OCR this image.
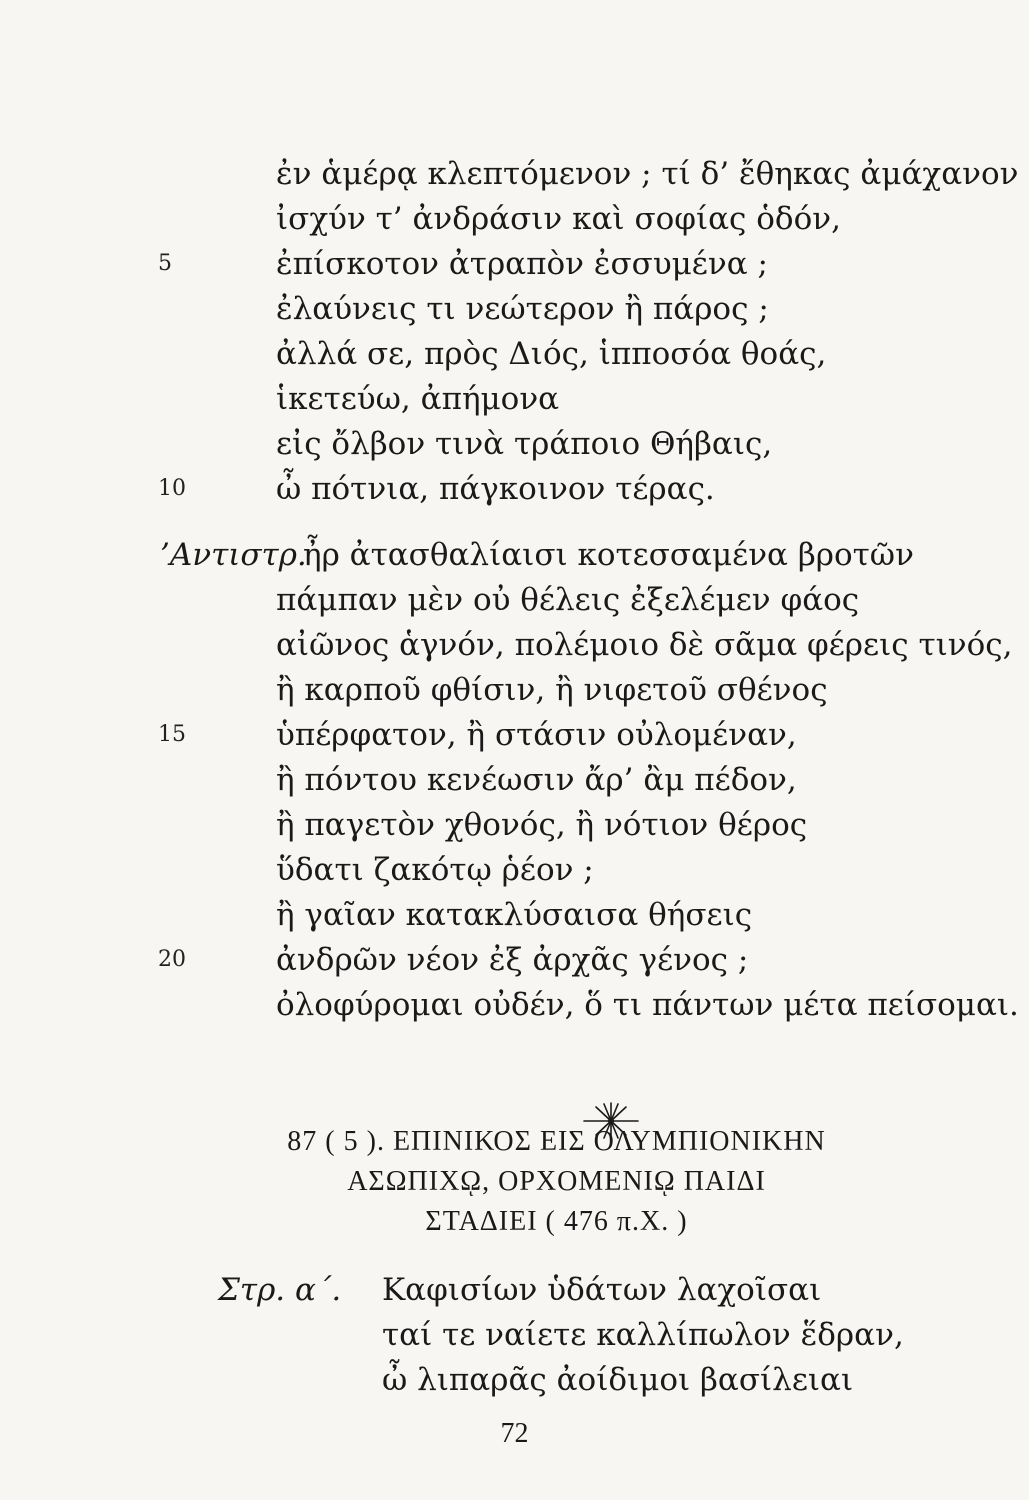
ἐν ἁμέρᾳ κλεπτόμενον ; τί δ’ ἔθηκας ἀμάχανον
ἰσχύν τ’ ἀνδράσιν καὶ σοφίας ὁδόν,
ἐπίσκοτον ἀτραπὸν ἐσσυμένα ;
5
ἐλαύνεις τι νεώτερον ἢ πάρος ;
ἀλλά σε, πρὸς Διός, ἱπποσόα θοάς,
ἱκετεύω, ἀπήμονα
εἰς ὄλβον τινὰ τράποιο Θήβαις,
ὦ πότνια, πάγκοινον τέρας.
10
’Αντιστρ.
ἦρ ἀτασθαλίαισι κοτεσσαμένα βροτῶν
πάμπαν μὲν οὐ θέλεις ἐξελέμεν φάος
αἰῶνος ἁγνόν, πολέμοιο δὲ σᾶμα φέρεις τινός,
ἢ καρποῦ φθίσιν, ἢ νιφετοῦ σθένος
ὑπέρφατον, ἢ στάσιν οὐλομέναν,
15
ἢ πόντου κενέωσιν ἄρ’ ἂμ πέδον,
ἢ παγετὸν χθονός, ἢ νότιον θέρος
ὕδατι ζακότῳ ῥέον ;
ἢ γαῖαν κατακλύσαισα θήσεις
ἀνδρῶν νέον ἐξ ἀρχᾶς γένος ;
20
ὀλοφύρομαι οὐδέν, ὅ τι πάντων μέτα πείσομαι.
87 ( 5 ). ΕΠΙΝΙΚΟΣ ΕΙΣ ΟΛΥΜΠΙΟΝΙΚΗΝ
ΑΣΩΠΙΧῼ, ΟΡΧΟΜΕΝΙῼ ΠΑΙΔΙ
ΣΤΑΔΙΕΙ ( 476 π.Χ. )
Στρ. α΄. Καφισίων ὑδάτων λαχοῖσαι
ταί τε ναίετε καλλίπωλον ἕδραν,
ὦ λιπαρᾶς ἀοίδιμοι βασίλειαι
72
